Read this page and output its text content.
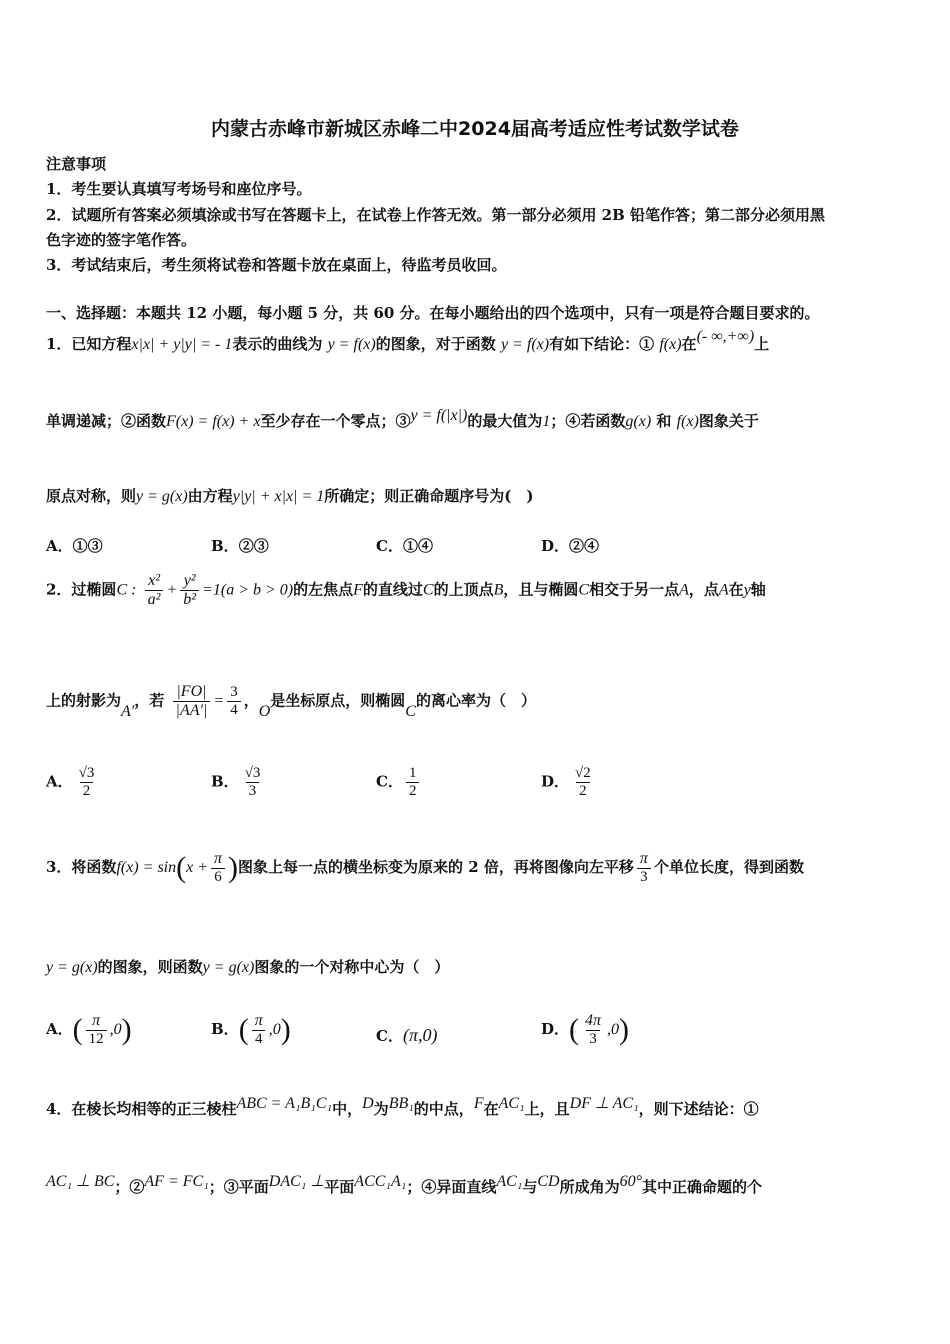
内蒙古赤峰市新城区赤峰二中2024届高考适应性考试数学试卷
注意事项
1．考生要认真填写考场号和座位序号。
2．试题所有答案必须填涂或书写在答题卡上，在试卷上作答无效。第一部分必须用 2B 铅笔作答；第二部分必须用黑
色字迹的签字笔作答。
3．考试结束后，考生须将试卷和答题卡放在桌面上，待监考员收回。
一、选择题：本题共 12 小题，每小题 5 分，共 60 分。在每小题给出的四个选项中，只有一项是符合题目要求的。
1．已知方程x|x| + y|y| = - 1表示的曲线为 y = f(x)的图象，对于函数 y = f(x)有如下结论：① f(x)在(- ∞,+∞)上
单调递减；②函数F(x) = f(x) + x至少存在一个零点；③y = f(|x|)的最大值为1；④若函数g(x) 和 f(x)图象关于
原点对称，则y = g(x)由方程y|y| + x|x| = 1所确定；则正确命题序号为(　)
A．①③	B．②③	C．①④	D．②④
2．过椭圆C : $\frac{\text{x²}}{\text{a²}} + \frac{\text{y²}}{\text{b²}} =1(a > b > 0)$的左焦点F的直线过C的上顶点B，且与椭圆C相交于另一点A，点A在y轴
上的射影为A′，若 $\frac{|FO|}{|AA'|} = \frac{3}{4}$ ，O是坐标原点，则椭圆C的离心率为（　）
A． $\frac{√3}{2}$	B． $\frac{√3}{3}$	C． $\frac{1}{2}$	D． $\frac{√2}{2}$
3．将函数$f(x) = \sin(x + \frac{\pi}{6}$ )图象上每一点的横坐标变为原来的 2 倍，再将图像向左平移 $\frac{\pi}{3}$ 个单位长度，得到函数
y = g(x)的图象，则函数y = g(x)图象的一个对称中心为（　）
A．( $\frac{\pi}{12} ,0$)	B．( $\frac{\pi}{4} ,0$)	C．(π,0)	D．( $\frac{4\pi}{3} ,0$)
4．在棱长均相等的正三棱柱ABC = A₁B₁C₁中，D为BB₁的中点，F在AC₁上，且DF ⊥ AC₁，则下述结论：①
AC₁ ⊥ BC；②AF = FC₁；③平面DAC₁ ⊥平面ACC₁A₁；④异面直线AC₁与CD所成角为60°其中正确命题的个
